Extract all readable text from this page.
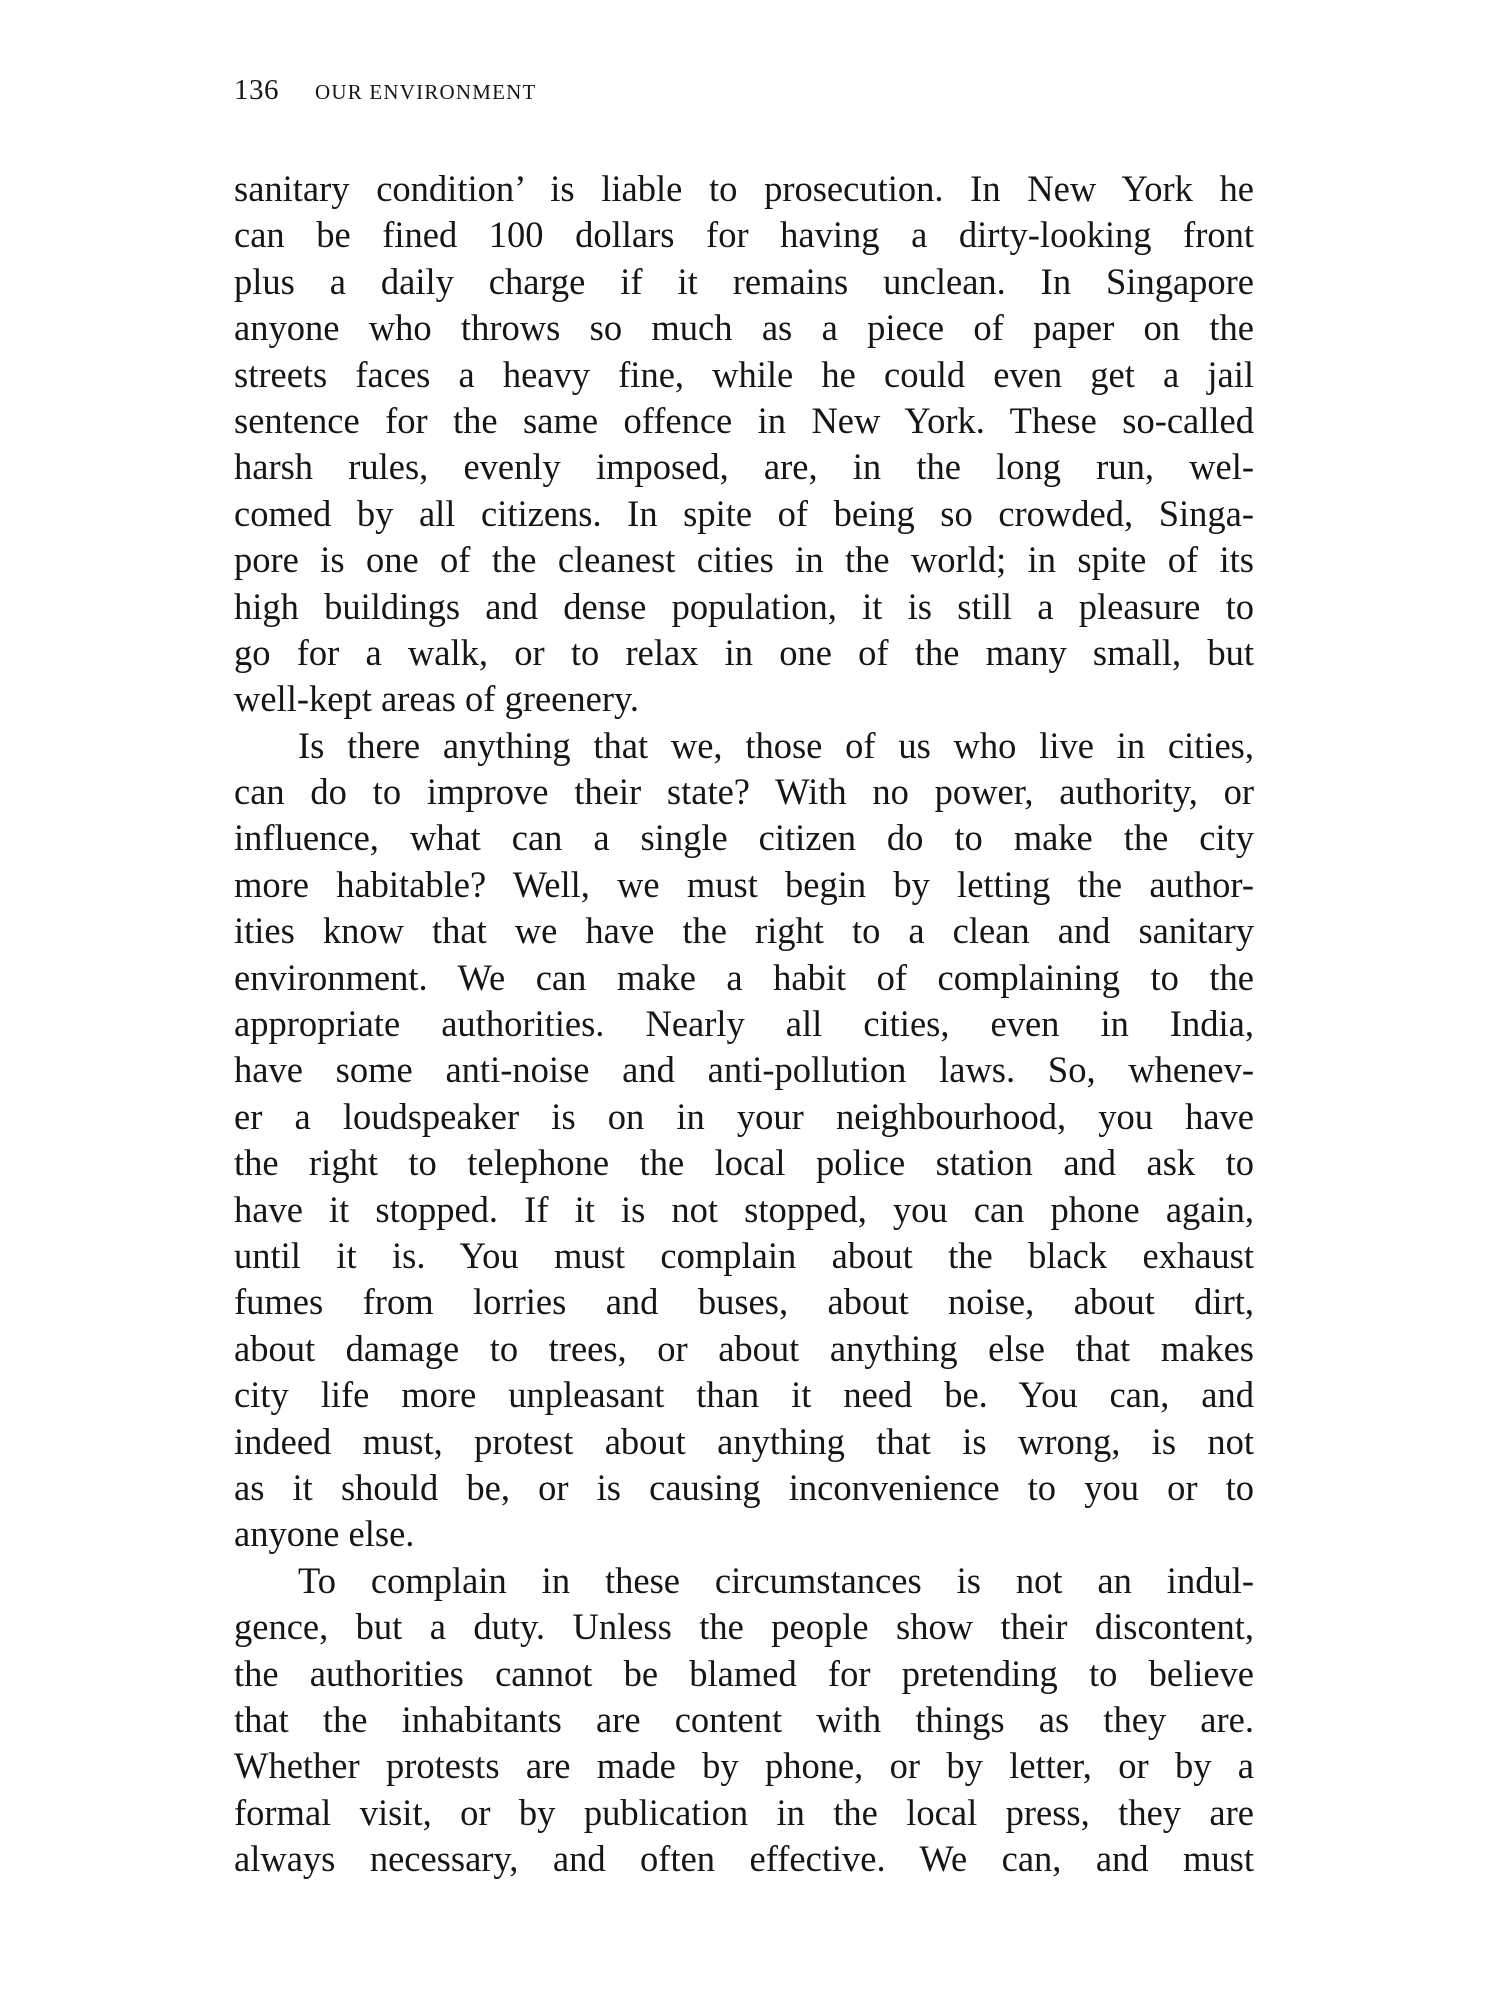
136 OUR ENVIRONMENT
sanitary condition’ is liable to prosecution. In New York he
can be fined 100 dollars for having a dirty-looking front
plus a daily charge if it remains unclean. In Singapore
anyone who throws so much as a piece of paper on the
streets faces a heavy fine, while he could even get a jail
sentence for the same offence in New York. These so-called
harsh rules, evenly imposed, are, in the long run, wel-
comed by all citizens. In spite of being so crowded, Singa-
pore is one of the cleanest cities in the world; in spite of its
high buildings and dense population, it is still a pleasure to
go for a walk, or to relax in one of the many small, but
well-kept areas of greenery.
Is there anything that we, those of us who live in cities,
can do to improve their state? With no power, authority, or
influence, what can a single citizen do to make the city
more habitable? Well, we must begin by letting the author-
ities know that we have the right to a clean and sanitary
environment. We can make a habit of complaining to the
appropriate authorities. Nearly all cities, even in India,
have some anti-noise and anti-pollution laws. So, whenev-
er a loudspeaker is on in your neighbourhood, you have
the right to telephone the local police station and ask to
have it stopped. If it is not stopped, you can phone again,
until it is. You must complain about the black exhaust
fumes from lorries and buses, about noise, about dirt,
about damage to trees, or about anything else that makes
city life more unpleasant than it need be. You can, and
indeed must, protest about anything that is wrong, is not
as it should be, or is causing inconvenience to you or to
anyone else.
To complain in these circumstances is not an indul-
gence, but a duty. Unless the people show their discontent,
the authorities cannot be blamed for pretending to believe
that the inhabitants are content with things as they are.
Whether protests are made by phone, or by letter, or by a
formal visit, or by publication in the local press, they are
always necessary, and often effective. We can, and must
